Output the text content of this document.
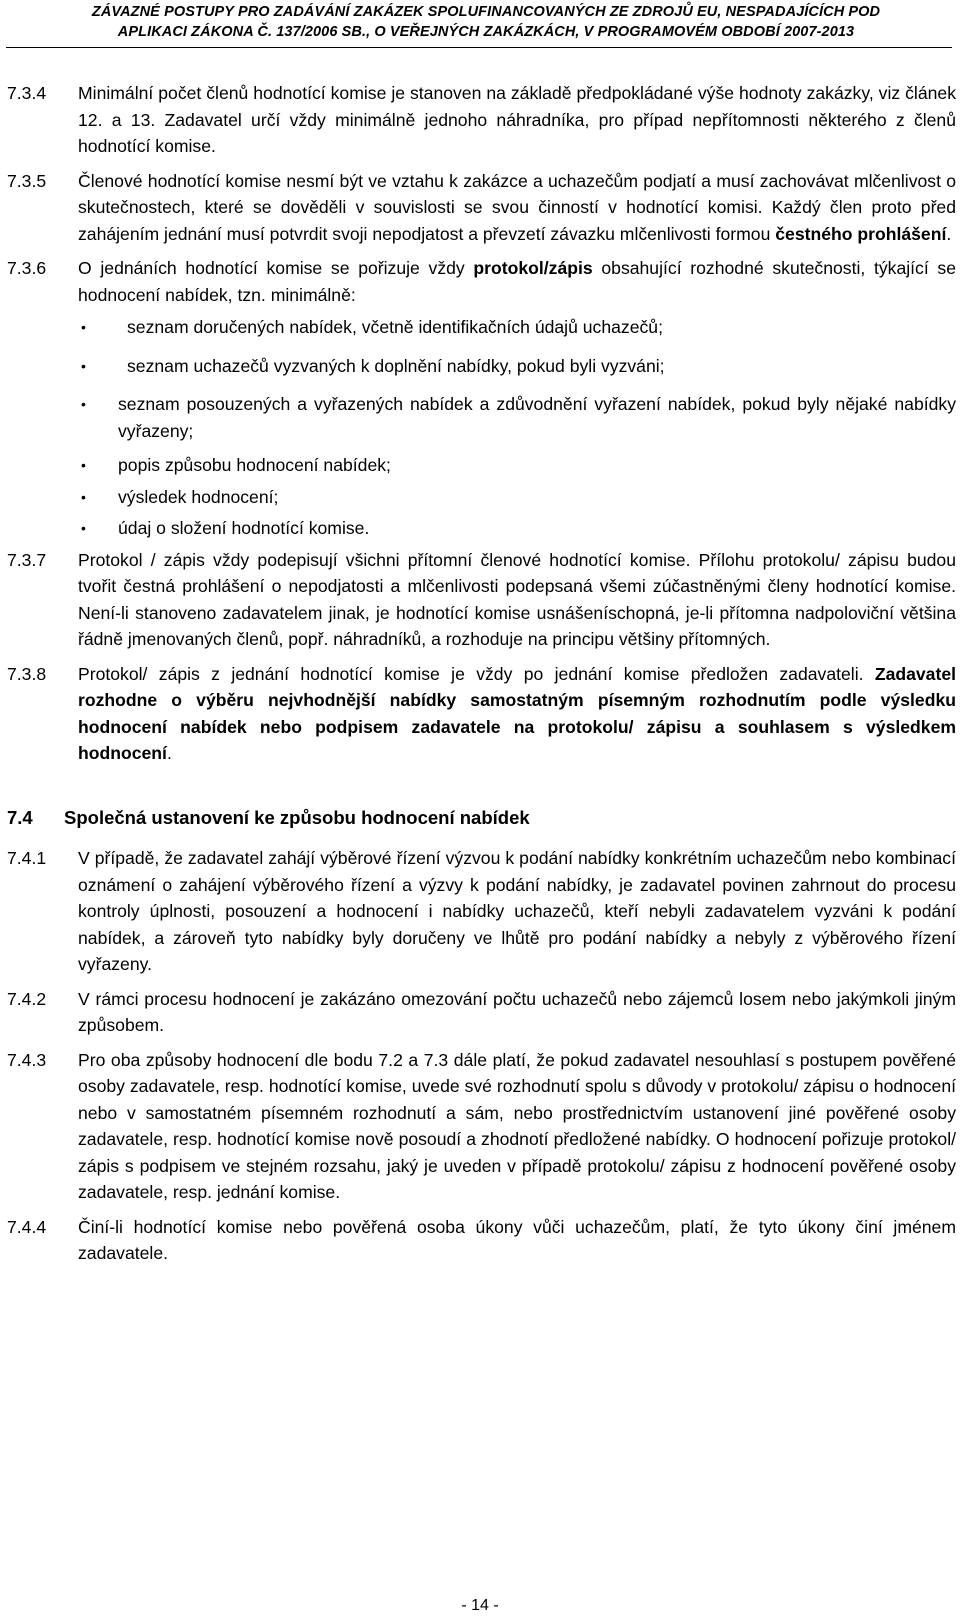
ZÁVAZNÉ POSTUPY PRO ZADÁVÁNÍ ZAKÁZEK SPOLUFINANCOVANÝCH ZE ZDROJŮ EU, NESPADAJÍCÍCH POD
APLIKACI ZÁKONA Č. 137/2006 SB., O VEŘEJNÝCH ZAKÁZKÁCH, V PROGRAMOVÉM OBDOBÍ 2007-2013
7.3.4	Minimální počet členů hodnotící komise je stanoven na základě předpokládané výše hodnoty zakázky, viz článek 12. a 13. Zadavatel určí vždy minimálně jednoho náhradníka, pro případ nepřítomnosti některého z členů hodnotící komise.
7.3.5	Členové hodnotící komise nesmí být ve vztahu k zakázce a uchazečům podjatí a musí zachovávat mlčenlivost o skutečnostech, které se dověděli v souvislosti se svou činností v hodnotící komisi. Každý člen proto před zahájením jednání musí potvrdit svoji nepodjatost a převzetí závazku mlčenlivosti formou čestného prohlášení.
7.3.6	O jednáních hodnotící komise se pořizuje vždy protokol/zápis obsahující rozhodné skutečnosti, týkající se hodnocení nabídek, tzn. minimálně:
•	seznam doručených nabídek, včetně identifikačních údajů uchazečů;
•	seznam uchazečů vyzvaných k doplnění nabídky, pokud byli vyzváni;
•	seznam posouzených a vyřazených nabídek a zdůvodnění vyřazení nabídek, pokud byly nějaké nabídky vyřazeny;
•	popis způsobu hodnocení nabídek;
•	výsledek hodnocení;
•	údaj o složení hodnotící komise.
7.3.7	Protokol / zápis vždy podepisují všichni přítomní členové hodnotící komise. Přílohu protokolu/ zápisu budou tvořit čestná prohlášení o nepodjatosti a mlčenlivosti podepsaná všemi zúčastněnými členy hodnotící komise. Není-li stanoveno zadavatelem jinak, je hodnotící komise usnášeníschopná, je-li přítomna nadpoloviční většina řádně jmenovaných členů, popř. náhradníků, a rozhoduje na principu většiny přítomných.
7.3.8	Protokol/ zápis z jednání hodnotící komise je vždy po jednání komise předložen zadavateli. Zadavatel rozhodne o výběru nejvhodnější nabídky samostatným písemným rozhodnutím podle výsledku hodnocení nabídek nebo podpisem zadavatele na protokolu/ zápisu a souhlasem s výsledkem hodnocení.
7.4	Společná ustanovení ke způsobu hodnocení nabídek
7.4.1	V případě, že zadavatel zahájí výběrové řízení výzvou k podání nabídky konkrétním uchazečům nebo kombinací oznámení o zahájení výběrového řízení a výzvy k podání nabídky, je zadavatel povinen zahrnout do procesu kontroly úplnosti, posouzení a hodnocení i nabídky uchazečů, kteří nebyli zadavatelem vyzváni k podání nabídek, a zároveň tyto nabídky byly doručeny ve lhůtě pro podání nabídky a nebyly z výběrového řízení vyřazeny.
7.4.2	V rámci procesu hodnocení je zakázáno omezování počtu uchazečů nebo zájemců losem nebo jakýmkoli jiným způsobem.
7.4.3	Pro oba způsoby hodnocení dle bodu 7.2 a 7.3 dále platí, že pokud zadavatel nesouhlasí s postupem pověřené osoby zadavatele, resp. hodnotící komise, uvede své rozhodnutí spolu s důvody v protokolu/ zápisu o hodnocení nebo v samostatném písemném rozhodnutí a sám, nebo prostřednictvím ustanovení jiné pověřené osoby zadavatele, resp. hodnotící komise nově posoudí a zhodnotí předložené nabídky. O hodnocení pořizuje protokol/ zápis s podpisem ve stejném rozsahu, jaký je uveden v případě protokolu/ zápisu z hodnocení pověřené osoby zadavatele, resp. jednání komise.
7.4.4	Činí-li hodnotící komise nebo pověřená osoba úkony vůči uchazečům, platí, že tyto úkony činí jménem zadavatele.
- 14 -
